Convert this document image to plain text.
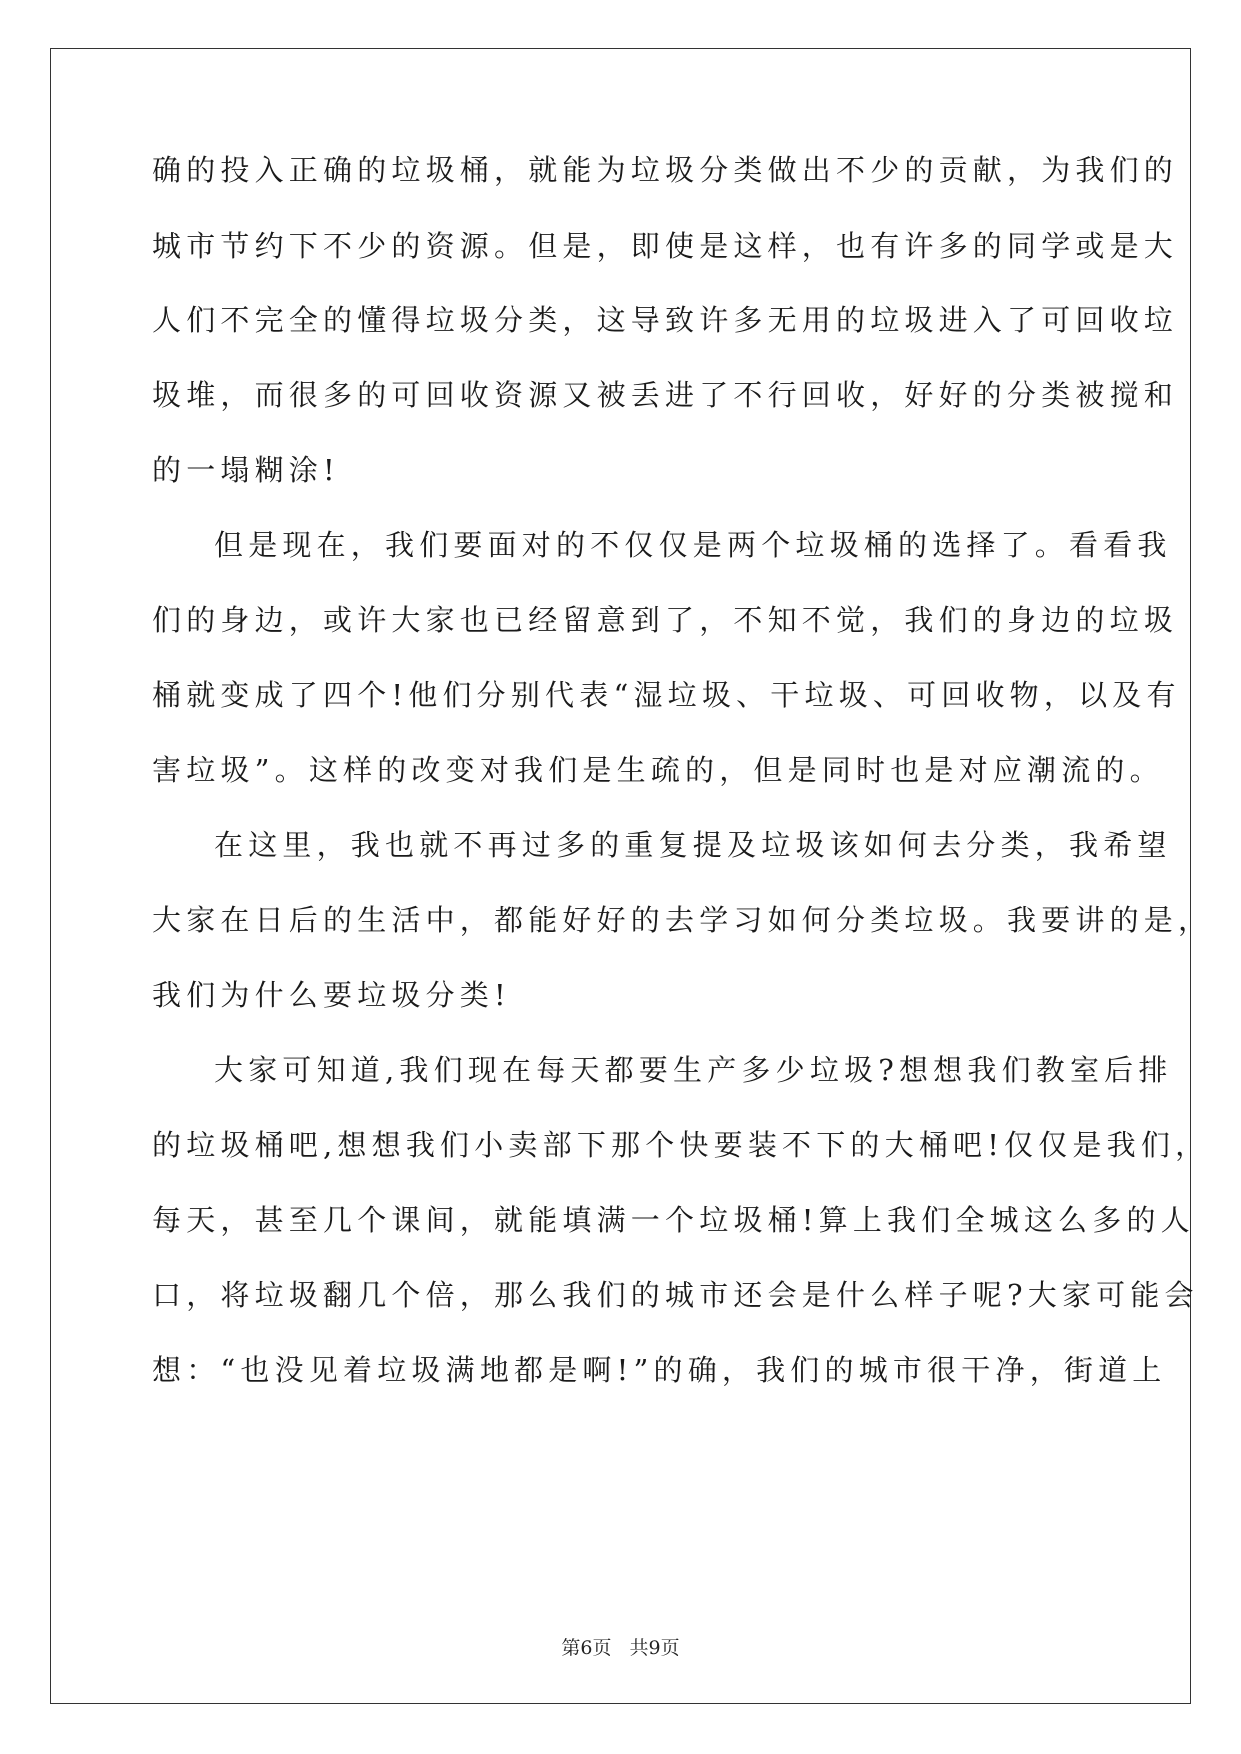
确的投入正确的垃圾桶，就能为垃圾分类做出不少的贡献，为我们的
城市节约下不少的资源。但是，即使是这样，也有许多的同学或是大
人们不完全的懂得垃圾分类，这导致许多无用的垃圾进入了可回收垃
圾堆，而很多的可回收资源又被丢进了不行回收，好好的分类被搅和
的一塌糊涂!
但是现在，我们要面对的不仅仅是两个垃圾桶的选择了。看看我
们的身边，或许大家也已经留意到了，不知不觉，我们的身边的垃圾
桶就变成了四个!他们分别代表“湿垃圾、干垃圾、可回收物，以及有
害垃圾”。这样的改变对我们是生疏的，但是同时也是对应潮流的。
在这里，我也就不再过多的重复提及垃圾该如何去分类，我希望
大家在日后的生活中，都能好好的去学习如何分类垃圾。我要讲的是，
我们为什么要垃圾分类!
大家可知道,我们现在每天都要生产多少垃圾?想想我们教室后排
的垃圾桶吧,想想我们小卖部下那个快要装不下的大桶吧!仅仅是我们，
每天，甚至几个课间，就能填满一个垃圾桶!算上我们全城这么多的人
口，将垃圾翻几个倍，那么我们的城市还会是什么样子呢?大家可能会
想：“也没见着垃圾满地都是啊!”的确，我们的城市很干净，街道上
第6页 共9页
